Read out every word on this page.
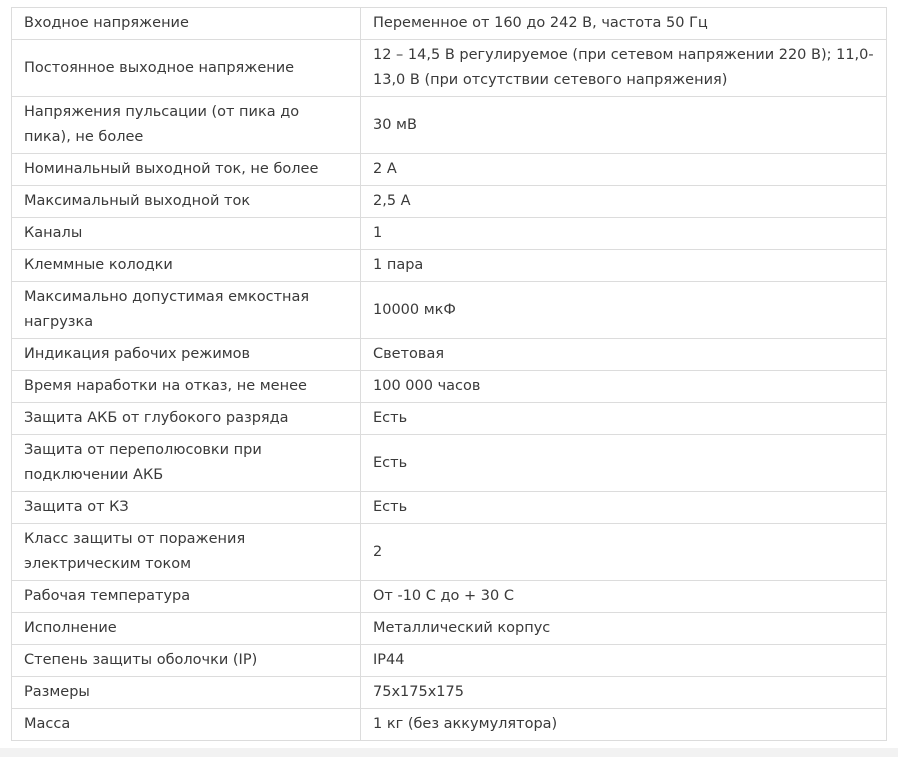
Входное напряжение	Переменное от 160 до 242 В, частота 50 Гц
Постоянное выходное напряжение	12 – 14,5 В регулируемое (при сетевом напряжении 220 В); 11,0-13,0 В (при отсутствии сетевого напряжения)
Напряжения пульсации (от пика до пика), не более	30 мВ
Номинальный выходной ток, не более	2 А
Максимальный выходной ток	2,5 А
Каналы	1
Клеммные колодки	1 пара
Максимально допустимая емкостная нагрузка	10000 мкФ
Индикация рабочих режимов	Световая
Время наработки на отказ, не менее	100 000 часов
Защита АКБ от глубокого разряда	Есть
Защита от переполюсовки при подключении АКБ	Есть
Защита от КЗ	Есть
Класс защиты от поражения электрическим током	2
Рабочая температура	От -10 С до + 30 С
Исполнение	Металлический корпус
Степень защиты оболочки (IP)	IP44
Размеры	75х175х175
Масса	1 кг (без аккумулятора)
